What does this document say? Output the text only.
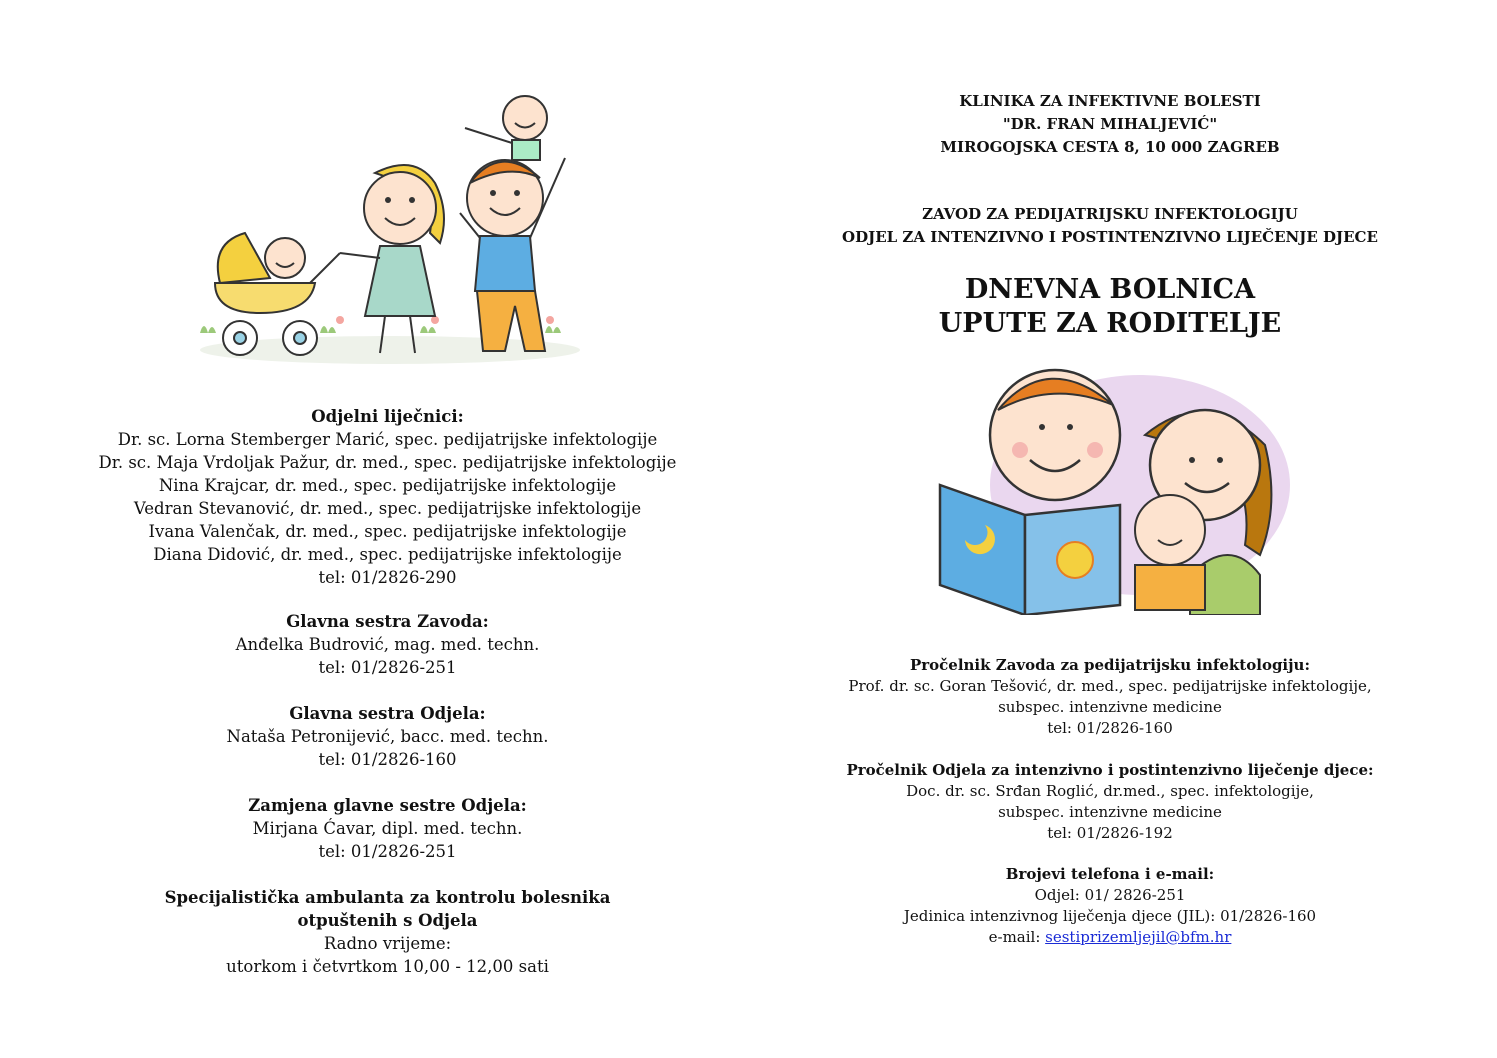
Odjelni liječnici:
Dr. sc. Lorna Stemberger Marić, spec. pedijatrijske infektologije
Dr. sc. Maja Vrdoljak Pažur, dr. med., spec. pedijatrijske infektologije
Nina Krajcar, dr. med., spec. pedijatrijske infektologije
Vedran Stevanović, dr. med., spec. pedijatrijske infektologije
Ivana Valenčak, dr. med., spec. pedijatrijske infektologije
Diana Didović, dr. med., spec. pedijatrijske infektologije
tel: 01/2826-290
Glavna sestra Zavoda:
Anđelka Budrović, mag. med. techn.
tel: 01/2826-251
Glavna sestra Odjela:
Nataša Petronijević, bacc. med. techn.
tel: 01/2826-160
Zamjena glavne sestre Odjela:
Mirjana Ćavar, dipl. med. techn.
tel: 01/2826-251
Specijalistička ambulanta za kontrolu bolesnika
otpuštenih s Odjela
Radno vrijeme:
utorkom i četvrtkom 10,00 - 12,00 sati
KLINIKA ZA INFEKTIVNE BOLESTI
"DR. FRAN MIHALJEVIĆ"
MIROGOJSKA CESTA 8, 10 000 ZAGREB
ZAVOD ZA PEDIJATRIJSKU INFEKTOLOGIJU
ODJEL ZA INTENZIVNO I POSTINTENZIVNO LIJEČENJE DJECE
DNEVNA BOLNICA
UPUTE ZA RODITELJE
Pročelnik Zavoda za pedijatrijsku infektologiju:
Prof. dr. sc. Goran Tešović, dr. med., spec. pedijatrijske infektologije,
subspec. intenzivne medicine
tel: 01/2826-160
Pročelnik Odjela za intenzivno i postintenzivno liječenje djece:
Doc. dr. sc. Srđan Roglić, dr.med., spec. infektologije,
subspec. intenzivne medicine
tel: 01/2826-192
Brojevi telefona i e-mail:
Odjel: 01/ 2826-251
Jedinica intenzivnog liječenja djece (JIL): 01/2826-160
e-mail: sestiprizemljejil@bfm.hr
